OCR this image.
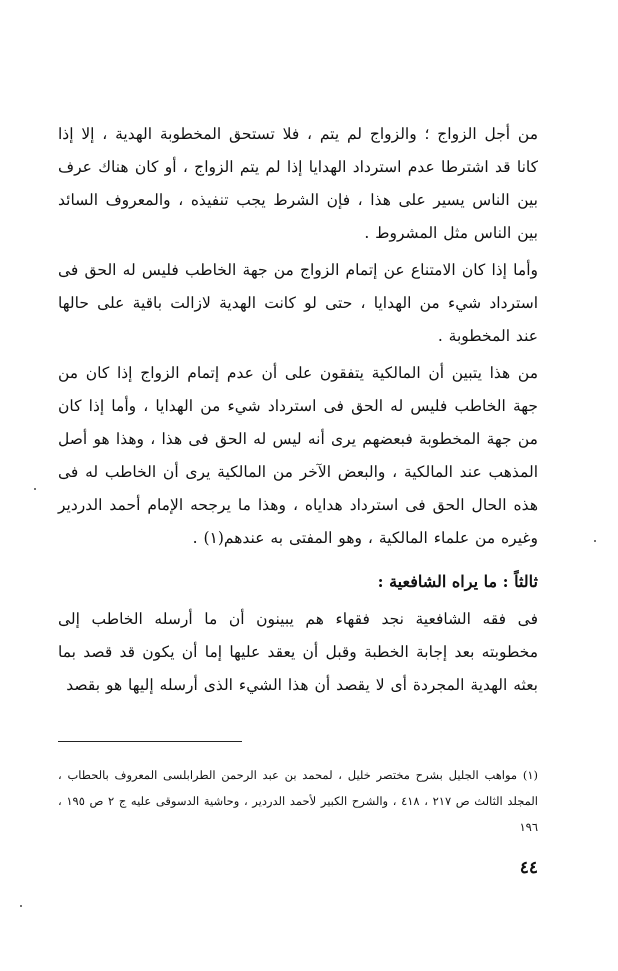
من أجل الزواج ؛ والزواج لم يتم ، فلا تستحق المخطوبة الهدية ، إلا إذا كانا قد اشترطا عدم استرداد الهدايا إذا لم يتم الزواج ، أو كان هناك عرف بين الناس يسير على هذا ، فإن الشرط يجب تنفيذه ، والمعروف السائد بين الناس مثل المشروط .

وأما إذا كان الامتناع عن إتمام الزواج من جهة الخاطب فليس له الحق فى استرداد شيء من الهدايا ، حتى لو كانت الهدية لازالت باقية على حالها عند المخطوبة .

من هذا يتبين أن المالكية يتفقون على أن عدم إتمام الزواج إذا كان من جهة الخاطب فليس له الحق فى استرداد شيء من الهدايا ، وأما إذا كان من جهة المخطوبة فبعضهم يرى أنه ليس له الحق فى هذا ، وهذا هو أصل المذهب عند المالكية ، والبعض الآخر من المالكية يرى أن الخاطب له فى هذه الحال الحق فى استرداد هداياه ، وهذا ما يرجحه الإمام أحمد الدردير وغيره من علماء المالكية ، وهو المفتى به عندهم(١) .

ثالثاً : ما يراه الشافعية :

فى فقه الشافعية نجد فقهاء هم يبينون أن ما أرسله الخاطب إلى مخطوبته بعد إجابة الخطبة وقبل أن يعقد عليها إما أن يكون قد قصد بما بعثه الهدية المجردة أى لا يقصد أن هذا الشيء الذى أرسله إليها هو بقصد

(١) مواهب الجليل بشرح مختصر خليل ، لمحمد بن عبد الرحمن الطرابلسى المعروف بالحطاب ، المجلد الثالث ص ٢١٧ ، ٤١٨ ، والشرح الكبير لأحمد الدردير ، وحاشية الدسوقى عليه ج ٢ ص ١٩٥ ، ١٩٦

٤٤
